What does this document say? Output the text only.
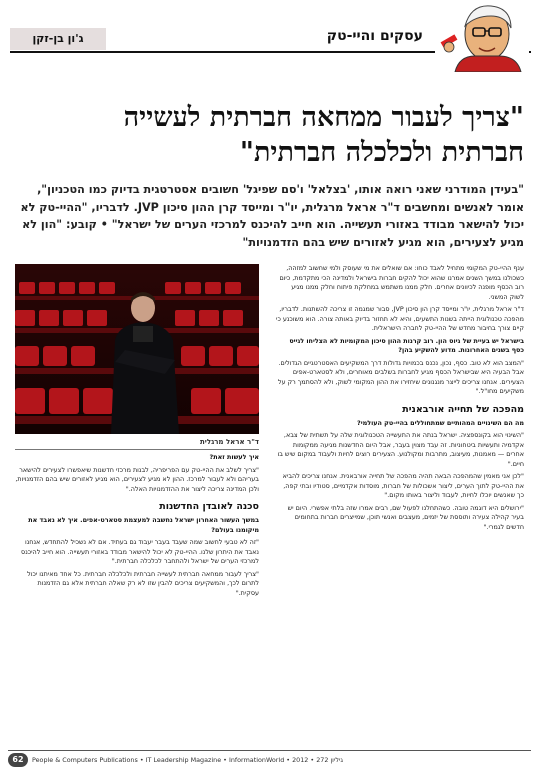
ג'ון בן-זקן	עסקים והיי-טק
"צריך לעבור ממחאה חברתית לעשייה
חברתית ולכלכלה חברתית"
"בעידן המודרני שאני רואה אותו, 'בצלאל' ו'סם שפיגל' חשובים אסטרטגית בדיוק כמו הטכניון", אומר לאנשים ומחשבים ד"ר אראל מרגלית, יו"ר ומייסד קרן ההון סיכון JVP. לדבריו, "ההיי-טק לא יכול להישאר מבודד באזורי תעשייה. הוא חייב להיכנס למרכזי הערים של ישראל" • קובע: "הון לא מגיע לצעירים, הוא מגיע לאזורים שיש בהם הזדמנויות"
ד"ר אראל מרגלית

ענף ההיי-טק המקומי מתחיל לאבד כוחו: אם שואלים את מי שעוסק ולמי שחשוב למזהה, כשכולנו במשך השנים אמרנו שהוא יכול להקים חברות בישראל ולמדינה הכי מתקדמת, כיום רוב הכסף מופנה לכיוונים אחרים. חלק ממנו משתמש במחלקת פיתוח וחלק ממנו מגיע לשוק המשני.

ד"ר אראל מרגלית, יו"ר ומייסד קרן הון סיכון JVP, סבור שמגמה זו צריכה להשתנות. לדבריו, מהפכה טכנולוגית הייתה בשנות התשעים, והיא לא תחזור בדיוק באותה צורה. הוא משוכנע כי קיים צורך בחיבור מחדש של ההיי-טק לחברה הישראלית.

בישראל יש בעיית של גיוס הון. רוב קרנות ההון סיכון המקומיות לא הצליחו לגייס כסף בשנים האחרונות. מדוע להשקיע בהן?

"המצב הוא לא טוב. כסף, נכון, נכנס בכמויות גדולות דרך המשקיעים האסטרטגיים הגדולים. אבל הבעיה היא שבישראל הכסף מגיע לחברות בשלבים מאוחרים, ולא לסטארט-אפים הצעירים. אנחנו צריכים לייצר מנגנונים שיחזירו את ההון המקומי לשוק, ולא להסתמך רק על משקיעים מחו"ל."

מהפכה של תחייה אורבאנית

מה הם השינויים המהותיים שמתחוללים בהיי-טק העולמי?

"השינוי הוא בקונספציה. ישראל בנתה את התעשייה הטכנולוגית שלה על תשתית של צבא, אקדמיה ותעשיות ביטחוניות. זה עבד מצוין בעבר, אבל היום החדשנות מגיעה ממקומות אחרים — מאמנות, מעיצוב, מתרבות ומקולנוע. הצעירים רוצים לחיות ולעבוד במקום שיש בו חיים."

"לכן אני מאמין שהמהפכה הבאה תהיה מהפכה של תחייה אורבאנית. אנחנו צריכים להביא את ההיי-טק לתוך הערים, ליצור אשכולות של חברות, מוסדות אקדמיים, סטודיו ובתי קפה, כך שאנשים יוכלו לחיות, לעבוד וליצור באותו מקום."

"ירושלים היא דוגמה טובה. כשהתחלנו לפעול שם, רבים אמרו שזה בלתי אפשרי. היום יש בעיר קהילה צעירה ותוססת של יזמים, מעצבים ואנשי תוכן, שמייצרים חברות בתחומים חדשים לגמרי."

איך לעשות זאת?

"צריך לשלב את ההיי-טק עם הפריפריה, לבנות מרכזי חדשנות שיאפשרו לצעירים להישאר בעריהם ולא לעבור למרכז. ההון לא מגיע לצעירים, הוא מגיע לאזורים שיש בהם הזדמנויות, ולכן המדינה צריכה ליצור את ההזדמנויות האלה."

סכנה לאובדן החדשנות

במשך העשור האחרון ישראל נחשבה למעצמת סטארט-אפים. איך לא נאבד את מיקומנו בעולם?

"זה לא טבעי לחשוב שמה שעבד בעבר יעבוד גם בעתיד. אם לא נשכיל להתחדש, אנחנו נאבד את היתרון שלנו. ההיי-טק לא יכול להישאר מבודד באזורי תעשייה. הוא חייב להיכנס למרכזי הערים של ישראל ולהתחבר לכלכלה חברתית."

"צריך לעבור ממחאה חברתית לעשייה חברתית ולכלכלה חברתית. כל אחד מאיתנו יכול לתרום לכך, והמשקיעים צריכים להבין שזו לא רק שאלה חברתית אלא גם הזדמנות עסקית."

62	People & Computers Publications • IT Leadership Magazine • InformationWorld • 2012 • גיליון 272
